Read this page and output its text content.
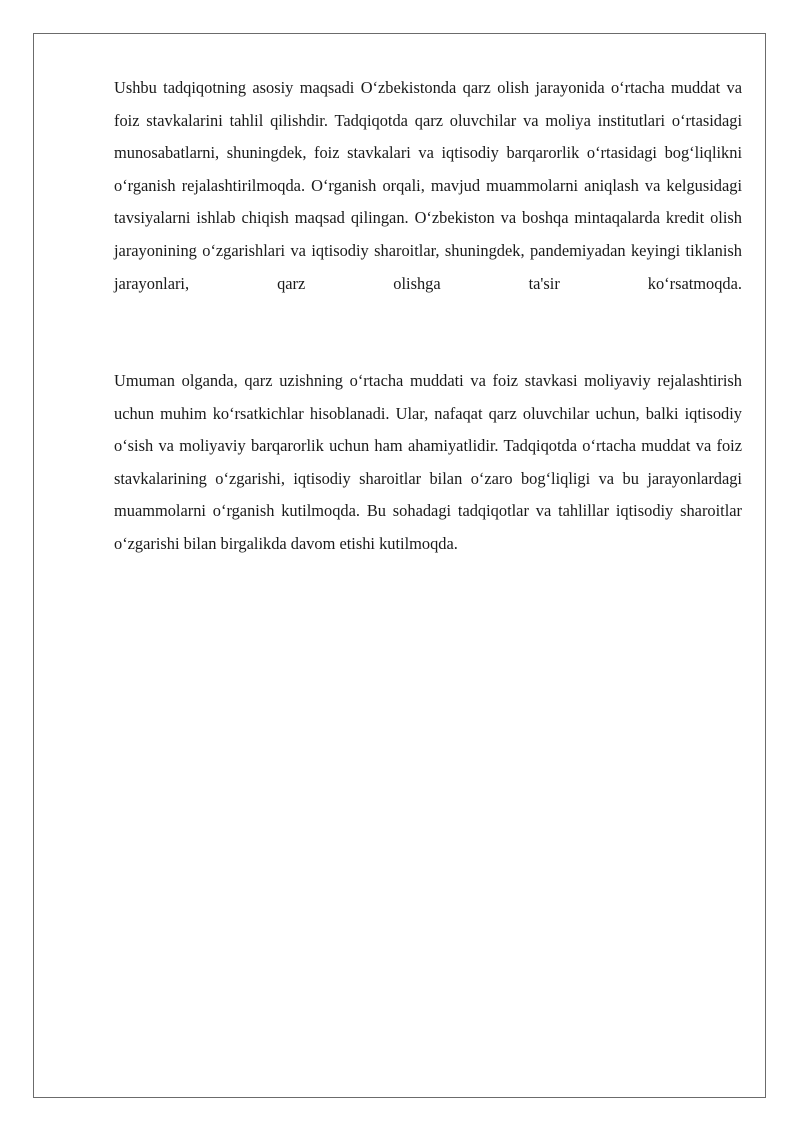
Ushbu tadqiqotning asosiy maqsadi O‘zbekistonda qarz olish jarayonida o‘rtacha muddat va foiz stavkalarini tahlil qilishdir. Tadqiqotda qarz oluvchilar va moliya institutlari o‘rtasidagi munosabatlarni, shuningdek, foiz stavkalari va iqtisodiy barqarorlik o‘rtasidagi bog‘liqlikni o‘rganish rejalashtirilmoqda. O‘rganish orqali, mavjud muammolarni aniqlash va kelgusidagi tavsiyalarni ishlab chiqish maqsad qilingan. O‘zbekiston va boshqa mintaqalarda kredit olish jarayonining o‘zgarishlari va iqtisodiy sharoitlar, shuningdek, pandemiyadan keyingi tiklanish jarayonlari, qarz olishga ta'sir ko‘rsatmoqda.

Umuman olganda, qarz uzishning o‘rtacha muddati va foiz stavkasi moliyaviy rejalashtirish uchun muhim ko‘rsatkichlar hisoblanadi. Ular, nafaqat qarz oluvchilar uchun, balki iqtisodiy o‘sish va moliyaviy barqarorlik uchun ham ahamiyatlidir. Tadqiqotda o‘rtacha muddat va foiz stavkalarining o‘zgarishi, iqtisodiy sharoitlar bilan o‘zaro bog‘liqligi va bu jarayonlardagi muammolarni o‘rganish kutilmoqda. Bu sohadagi tadqiqotlar va tahlillar iqtisodiy sharoitlar o‘zgarishi bilan birgalikda davom etishi kutilmoqda.
